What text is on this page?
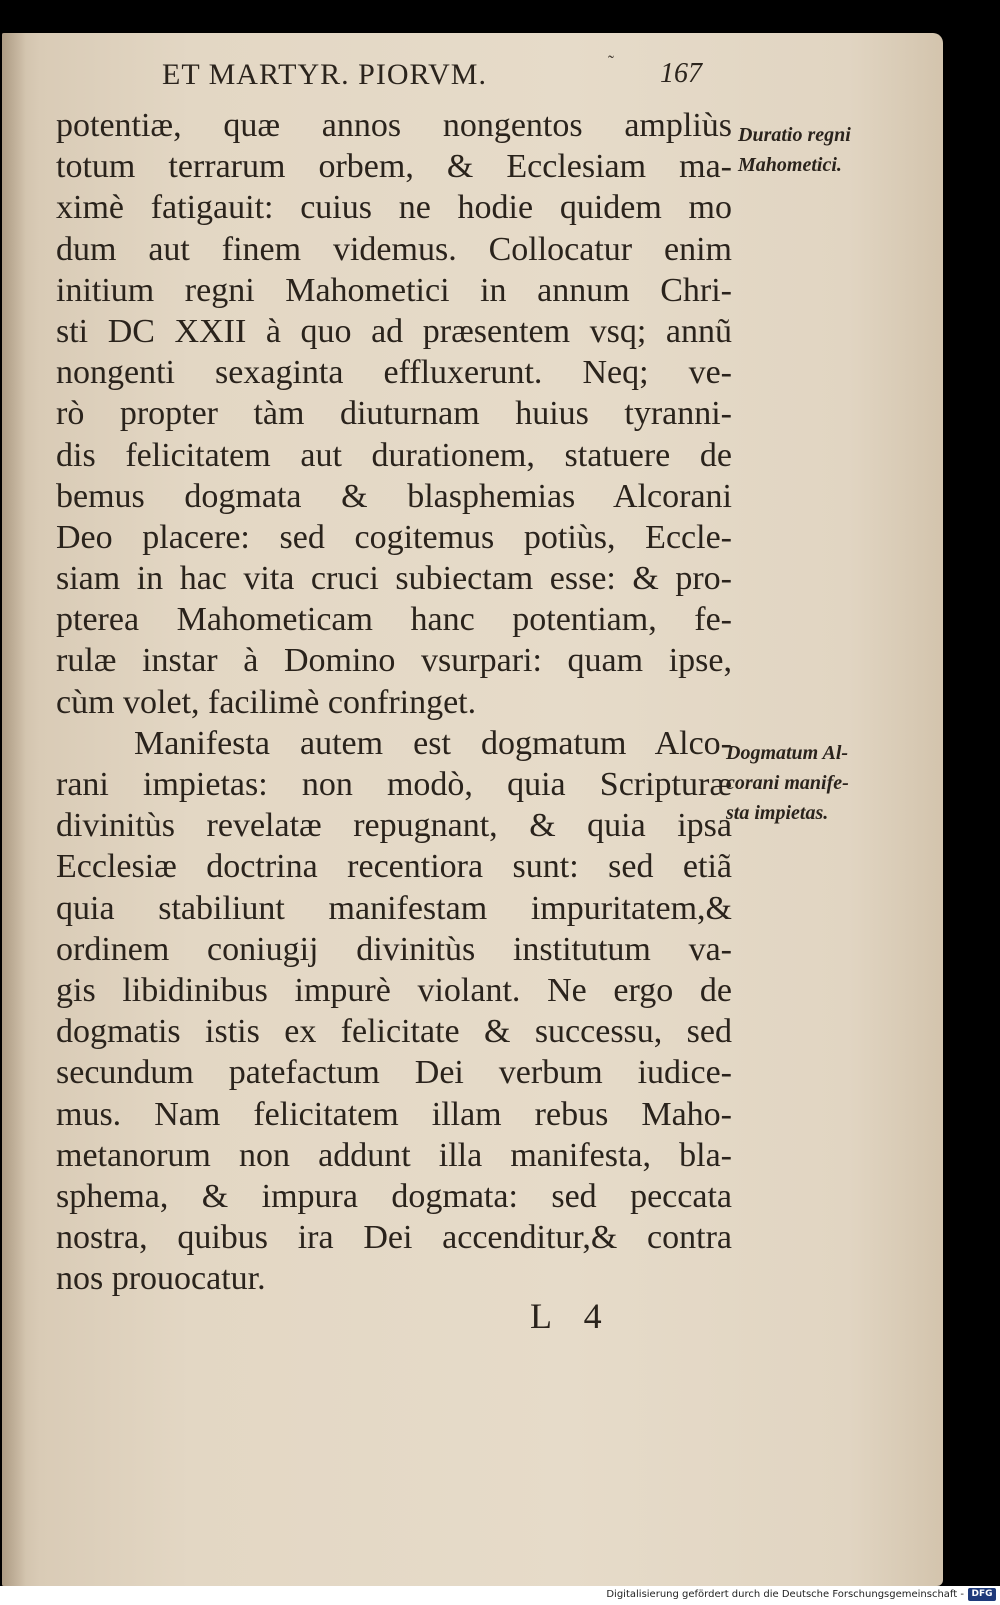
ET MARTYR. PIORVM.	˜ 167
potentiæ, quæ annos nongentos ampliùs
totum terrarum orbem, & Ecclesiam ma-
ximè fatigauit: cuius ne hodie quidem mo
dum aut finem videmus. Collocatur enim
initium regni Mahometici in annum Chri-
sti DC XXII à quo ad præsentem vsq; annũ
nongenti sexaginta effluxerunt. Neq; ve-
rò propter tàm diuturnam huius tyranni-
dis felicitatem aut durationem, statuere de
bemus dogmata & blasphemias Alcorani
Deo placere: sed cogitemus potiùs, Eccle-
siam in hac vita cruci subiectam esse: & pro-
pterea Mahometicam hanc potentiam, fe-
rulæ instar à Domino vsurpari: quam ipse,
cùm volet, facilimè confringet.
Manifesta autem est dogmatum Alco-
rani impietas: non modò, quia Scripturæ
divinitùs revelatæ repugnant, & quia ipsa
Ecclesiæ doctrina recentiora sunt: sed etiã
quia stabiliunt manifestam impuritatem,&
ordinem coniugij divinitùs institutum va-
gis libidinibus impurè violant. Ne ergo de
dogmatis istis ex felicitate & successu, sed
secundum patefactum Dei verbum iudice-
mus. Nam felicitatem illam rebus Maho-
metanorum non addunt illa manifesta, bla-
sphema, & impura dogmata: sed peccata
nostra, quibus ira Dei accenditur,& contra
nos prouocatur.
Duratio regni
Mahometici.
Dogmatum Al-
corani manife-
sta impietas.
L 4
Digitalisierung gefördert durch die Deutsche Forschungsgemeinschaft - DFG
